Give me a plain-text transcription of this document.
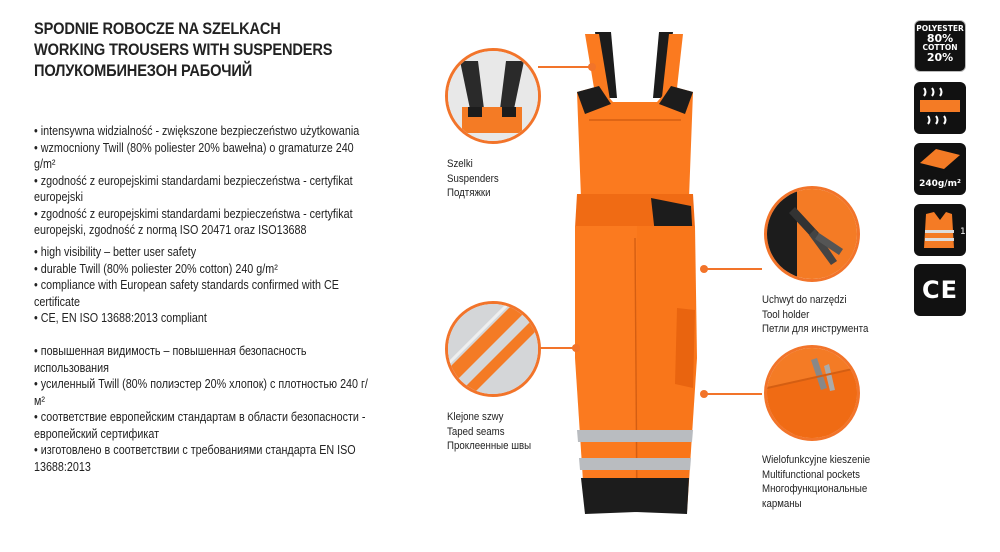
SPODNIE ROBOCZE NA SZELKACH
WORKING TROUSERS WITH SUSPENDERS
ПОЛУКОМБИНЕЗОН РАБОЧИЙ
• intensywna widzialność - zwiększone bezpieczeństwo użytkowania
• wzmocniony Twill (80% poliester 20% bawełna) o gramaturze 240 g/m²
• zgodność z europejskimi standardami bezpieczeństwa - certyfikat europejski
• zgodność z europejskimi standardami bezpieczeństwa - certyfikat europejski, zgodność z normą ISO 20471 oraz ISO13688
• high visibility – better user safety
• durable Twill (80% poliester 20% cotton) 240 g/m²
• compliance with European safety standards confirmed with CE certificate
• CE, EN ISO 13688:2013 compliant
• повышенная видимость – повышенная безопасность использования
• усиленный Twill (80% полиэстер 20% хлопок) с плотностью 240 г/м²
• соответствие европейским стандартам в области безопасности - европейский сертификат
• изготовлено в соответствии с требованиями стандарта EN ISO 13688:2013
Szelki
Suspenders
Подтяжки
Klejone szwy
Taped seams
Проклеенные швы
Uchwyt do narzędzi
Tool holder
Петли для инструмента
Wielofunkcyjne kieszenie
Multifunctional pockets
Многофункциональные
карманы
POLYESTER
80%
COTTON
20%
240g/m²
1
CE
